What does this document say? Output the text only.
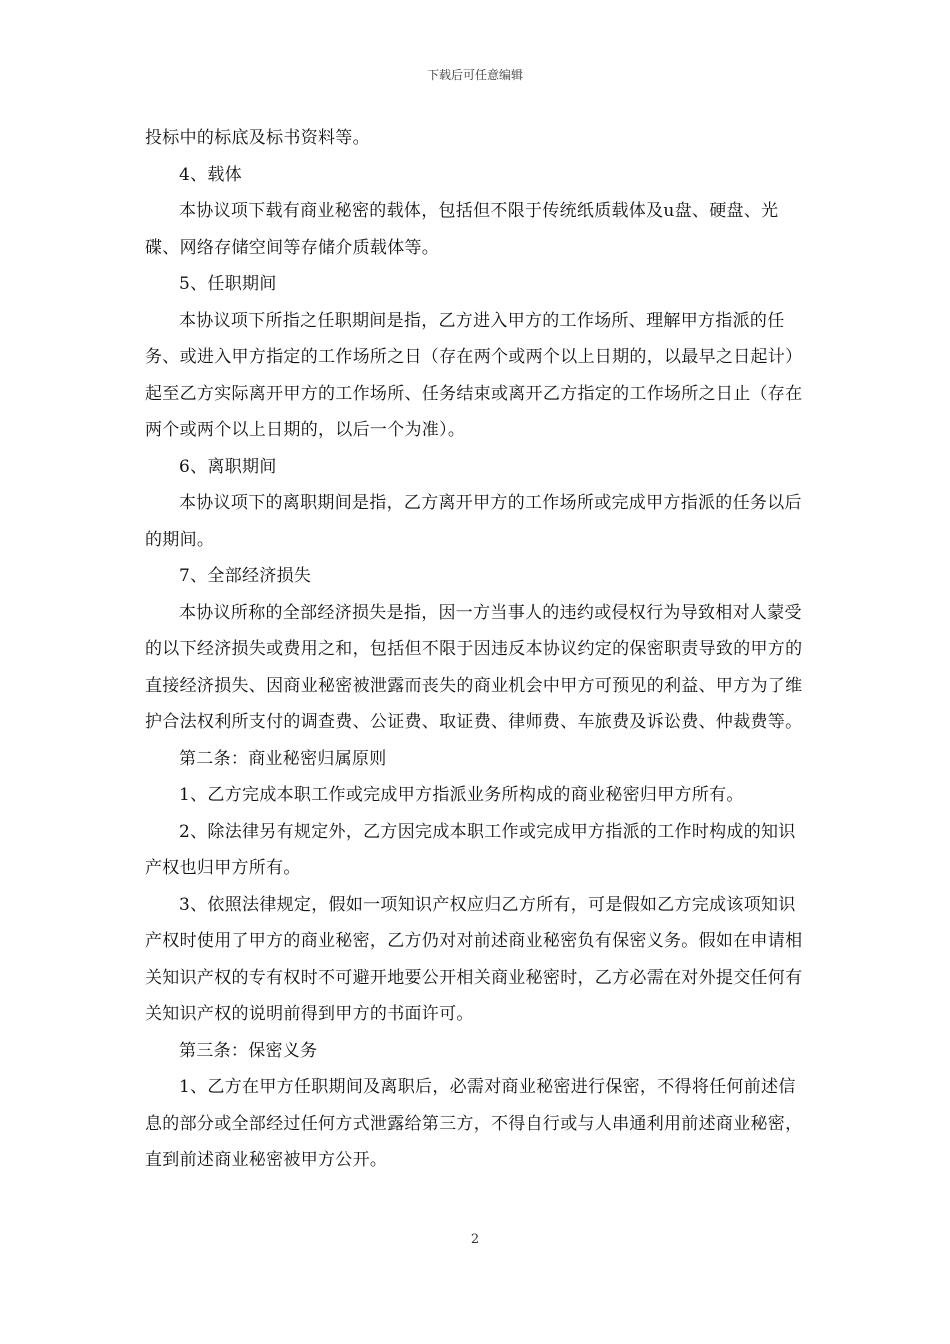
下载后可任意编辑

投标中的标底及标书资料等。

4、载体

本协议项下载有商业秘密的载体，包括但不限于传统纸质载体及u盘、硬盘、光碟、网络存储空间等存储介质载体等。

5、任职期间

本协议项下所指之任职期间是指，乙方进入甲方的工作场所、理解甲方指派的任务、或进入甲方指定的工作场所之日（存在两个或两个以上日期的，以最早之日起计）起至乙方实际离开甲方的工作场所、任务结束或离开乙方指定的工作场所之日止（存在两个或两个以上日期的，以后一个为准）。

6、离职期间

本协议项下的离职期间是指，乙方离开甲方的工作场所或完成甲方指派的任务以后的期间。

7、全部经济损失

本协议所称的全部经济损失是指，因一方当事人的违约或侵权行为导致相对人蒙受的以下经济损失或费用之和，包括但不限于因违反本协议约定的保密职责导致的甲方的直接经济损失、因商业秘密被泄露而丧失的商业机会中甲方可预见的利益、甲方为了维护合法权利所支付的调查费、公证费、取证费、律师费、车旅费及诉讼费、仲裁费等。

第二条：商业秘密归属原则

1、乙方完成本职工作或完成甲方指派业务所构成的商业秘密归甲方所有。

2、除法律另有规定外，乙方因完成本职工作或完成甲方指派的工作时构成的知识产权也归甲方所有。

3、依照法律规定，假如一项知识产权应归乙方所有，可是假如乙方完成该项知识产权时使用了甲方的商业秘密，乙方仍对对前述商业秘密负有保密义务。假如在申请相关知识产权的专有权时不可避开地要公开相关商业秘密时，乙方必需在对外提交任何有关知识产权的说明前得到甲方的书面许可。

第三条：保密义务

1、乙方在甲方任职期间及离职后，必需对商业秘密进行保密，不得将任何前述信息的部分或全部经过任何方式泄露给第三方，不得自行或与人串通利用前述商业秘密，直到前述商业秘密被甲方公开。

2
